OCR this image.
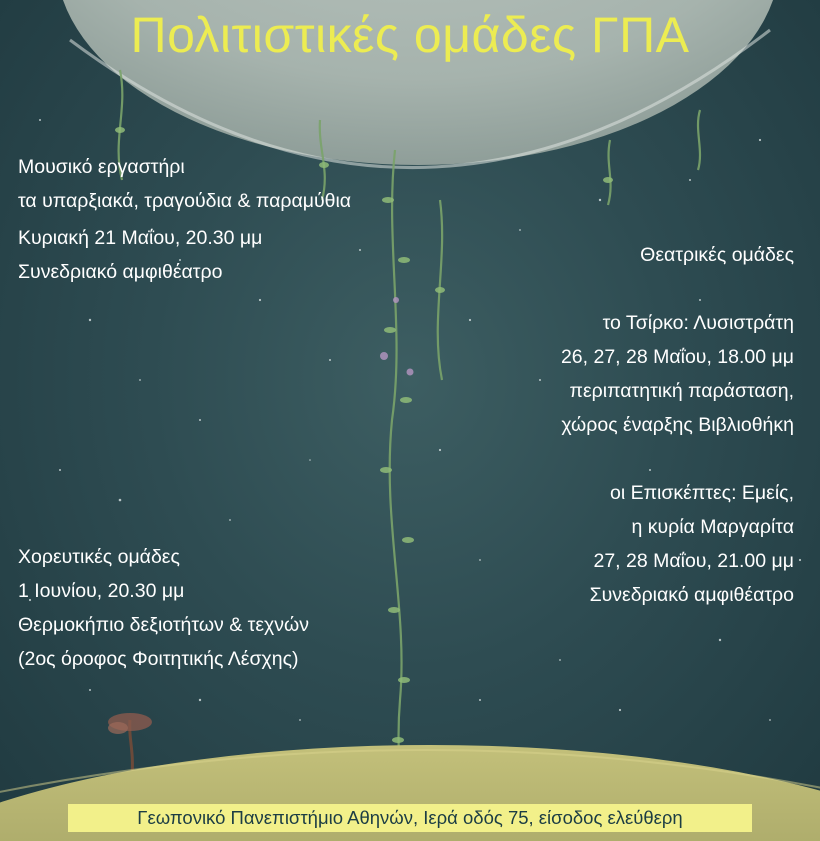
Πολιτιστικές ομάδες ΓΠΑ

Μουσικό εργαστήρι

τα υπαρξιακά, τραγούδια & παραμύθια

Κυριακή 21 Μαΐου, 20.30 μμ

Συνεδριακό αμφιθέατρο

Θεατρικές ομάδες

το Τσίρκο: Λυσιστράτη

26, 27, 28 Μαΐου, 18.00 μμ

περιπατητική παράσταση,

χώρος έναρξης Βιβλιοθήκη

οι Επισκέπτες: Εμείς,

η κυρία Μαργαρίτα

27, 28 Μαΐου, 21.00 μμ

Συνεδριακό αμφιθέατρο

Χορευτικές ομάδες

1 Ιουνίου, 20.30 μμ

Θερμοκήπιο δεξιοτήτων & τεχνών

(2ος όροφος Φοιτητικής Λέσχης)

Γεωπονικό Πανεπιστήμιο Αθηνών, Ιερά οδός 75, είσοδος ελεύθερη
